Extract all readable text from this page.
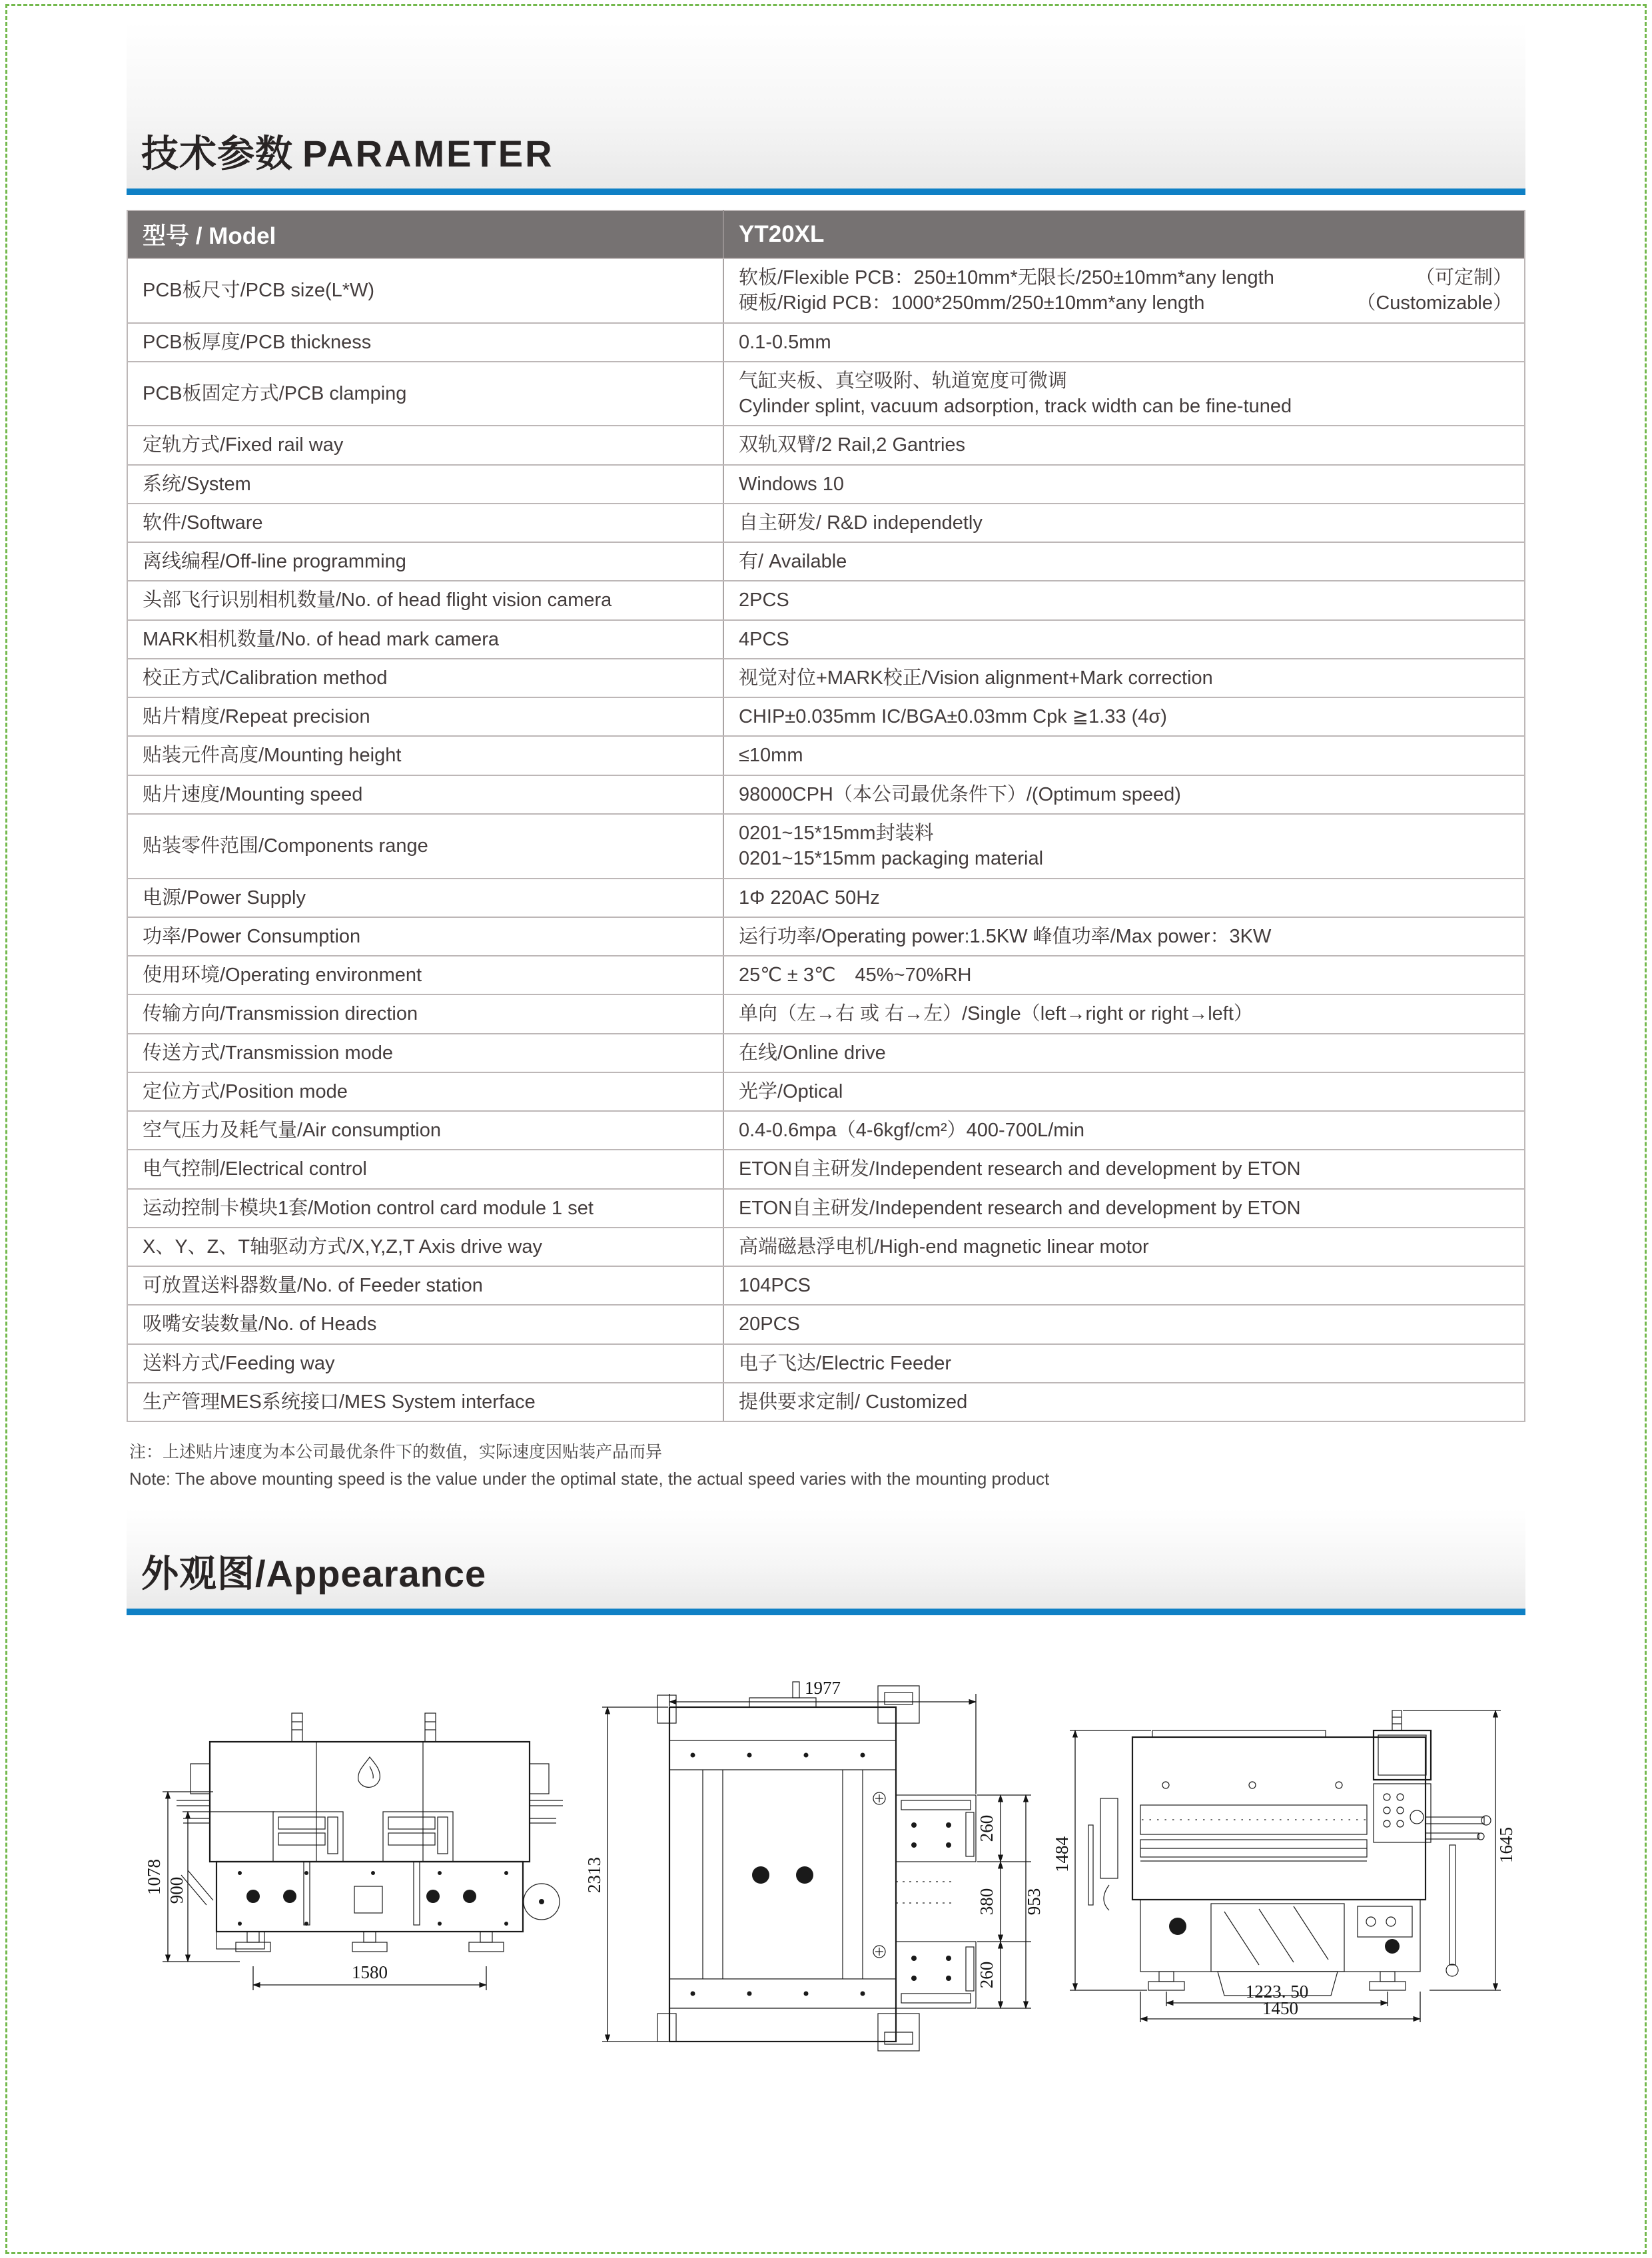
技术参数 PARAMETER
型号 / Model	YT20XL
PCB板尺寸/PCB size(L*W)	软板/Flexible PCB：250±10mm*无限长/250±10mm*any length （可定制）
硬板/Rigid PCB：1000*250mm/250±10mm*any length （Customizable）

PCB板厚度/PCB thickness	0.1-0.5mm

PCB板固定方式/PCB clamping	气缸夹板、真空吸附、轨道宽度可微调
Cylinder splint, vacuum adsorption, track width can be fine-tuned

定轨方式/Fixed rail way	双轨双臂/2 Rail,2 Gantries

系统/System	Windows 10

软件/Software	自主研发/ R&D independetly

离线编程/Off-line programming	有/ Available

头部飞行识别相机数量/No. of head flight vision camera	2PCS

MARK相机数量/No. of head mark camera	4PCS

校正方式/Calibration method	视觉对位+MARK校正/Vision alignment+Mark correction

贴片精度/Repeat precision	CHIP±0.035mm IC/BGA±0.03mm Cpk ≧1.33 (4σ)

贴装元件高度/Mounting height	≤10mm

贴片速度/Mounting speed	98000CPH（本公司最优条件下）/(Optimum speed)

贴装零件范围/Components range	0201~15*15mm封装料
0201~15*15mm packaging material

电源/Power Supply	1Φ 220AC 50Hz

功率/Power Consumption	运行功率/Operating power:1.5KW 峰值功率/Max power：3KW

使用环境/Operating environment	25℃ ± 3℃　45%~70%RH

传输方向/Transmission direction	单向（左→右 或 右→左）/Single（left→right or right→left）

传送方式/Transmission mode	在线/Online drive

定位方式/Position mode	光学/Optical

空气压力及耗气量/Air consumption	0.4-0.6mpa（4-6kgf/cm²）400-700L/min

电气控制/Electrical control	ETON自主研发/Independent research and development by ETON

运动控制卡模块1套/Motion control card module 1 set	ETON自主研发/Independent research and development by ETON

X、Y、Z、T轴驱动方式/X,Y,Z,T Axis drive way	高端磁悬浮电机/High-end magnetic linear motor

可放置送料器数量/No. of Feeder station	104PCS

吸嘴安装数量/No. of Heads	20PCS

送料方式/Feeding way	电子飞达/Electric Feeder

生产管理MES系统接口/MES System interface	提供要求定制/ Customized

注：上述贴片速度为本公司最优条件下的数值，实际速度因贴装产品而异

Note: The above mounting speed is the value under the optimal state, the actual speed varies with the mounting product

外观图/Appearance
1078 900
1580
1977
2313
260
380
260
953
1484	1645
1223. 50
1450
